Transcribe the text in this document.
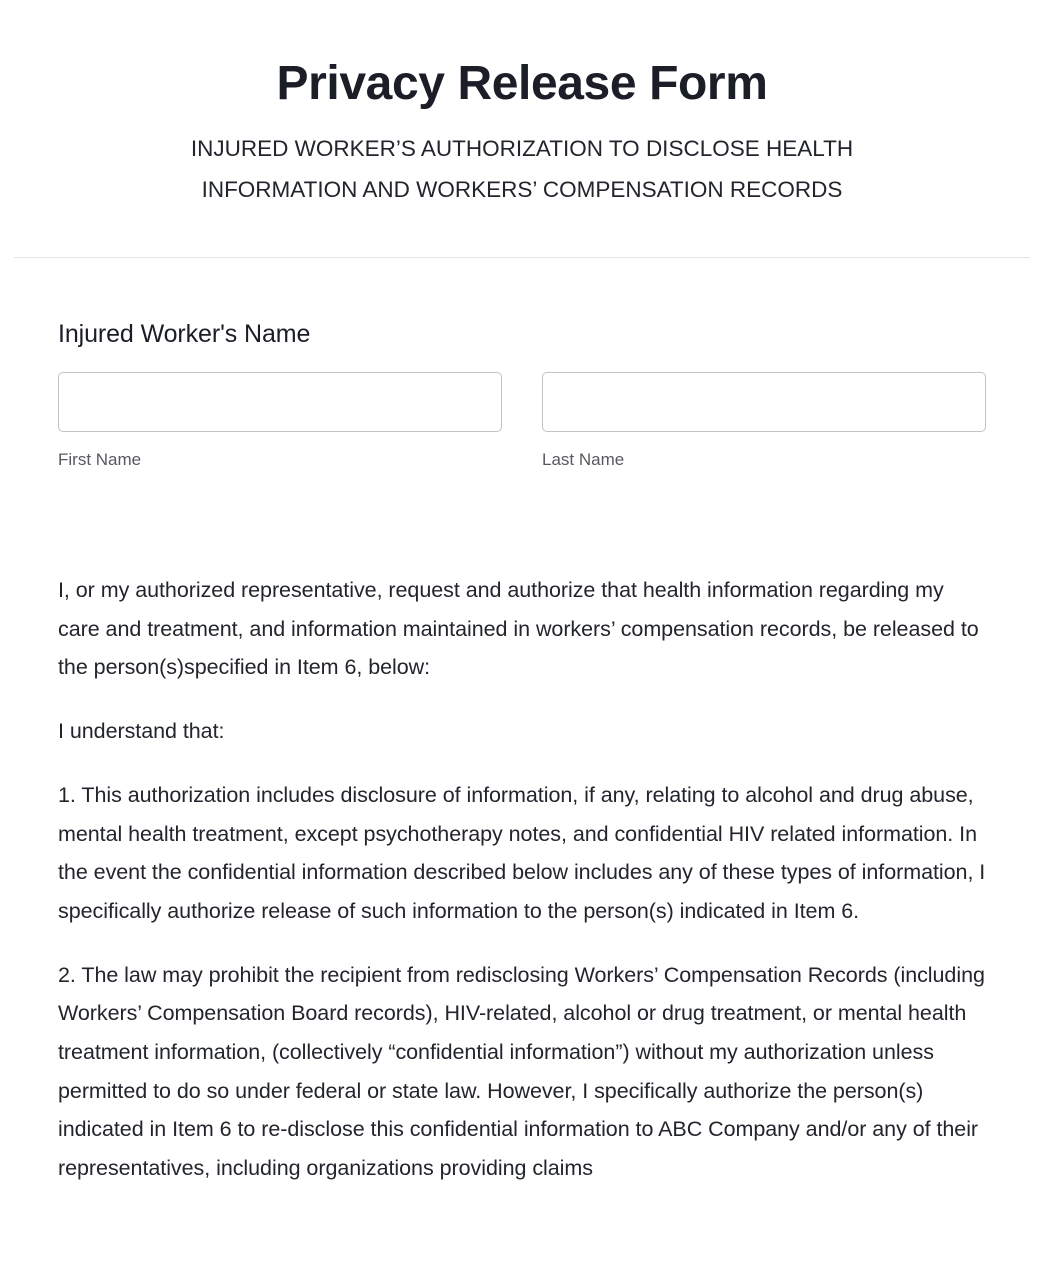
Privacy Release Form

INJURED WORKER’S AUTHORIZATION TO DISCLOSE HEALTH INFORMATION AND WORKERS’ COMPENSATION RECORDS

Injured Worker's Name
First Name	Last Name

I, or my authorized representative, request and authorize that health information regarding my care and treatment, and information maintained in workers’ compensation records, be released to the person(s)specified in Item 6, below:

I understand that:

1. This authorization includes disclosure of information, if any, relating to alcohol and drug abuse, mental health treatment, except psychotherapy notes, and confidential HIV related information. In the event the confidential information described below includes any of these types of information, I specifically authorize release of such information to the person(s) indicated in Item 6.

2. The law may prohibit the recipient from redisclosing Workers’ Compensation Records (including Workers’ Compensation Board records), HIV-related, alcohol or drug treatment, or mental health treatment information, (collectively “confidential information”) without my authorization unless permitted to do so under federal or state law. However, I specifically authorize the person(s) indicated in Item 6 to re-disclose this confidential information to ABC Company and/or any of their representatives, including organizations providing claims
